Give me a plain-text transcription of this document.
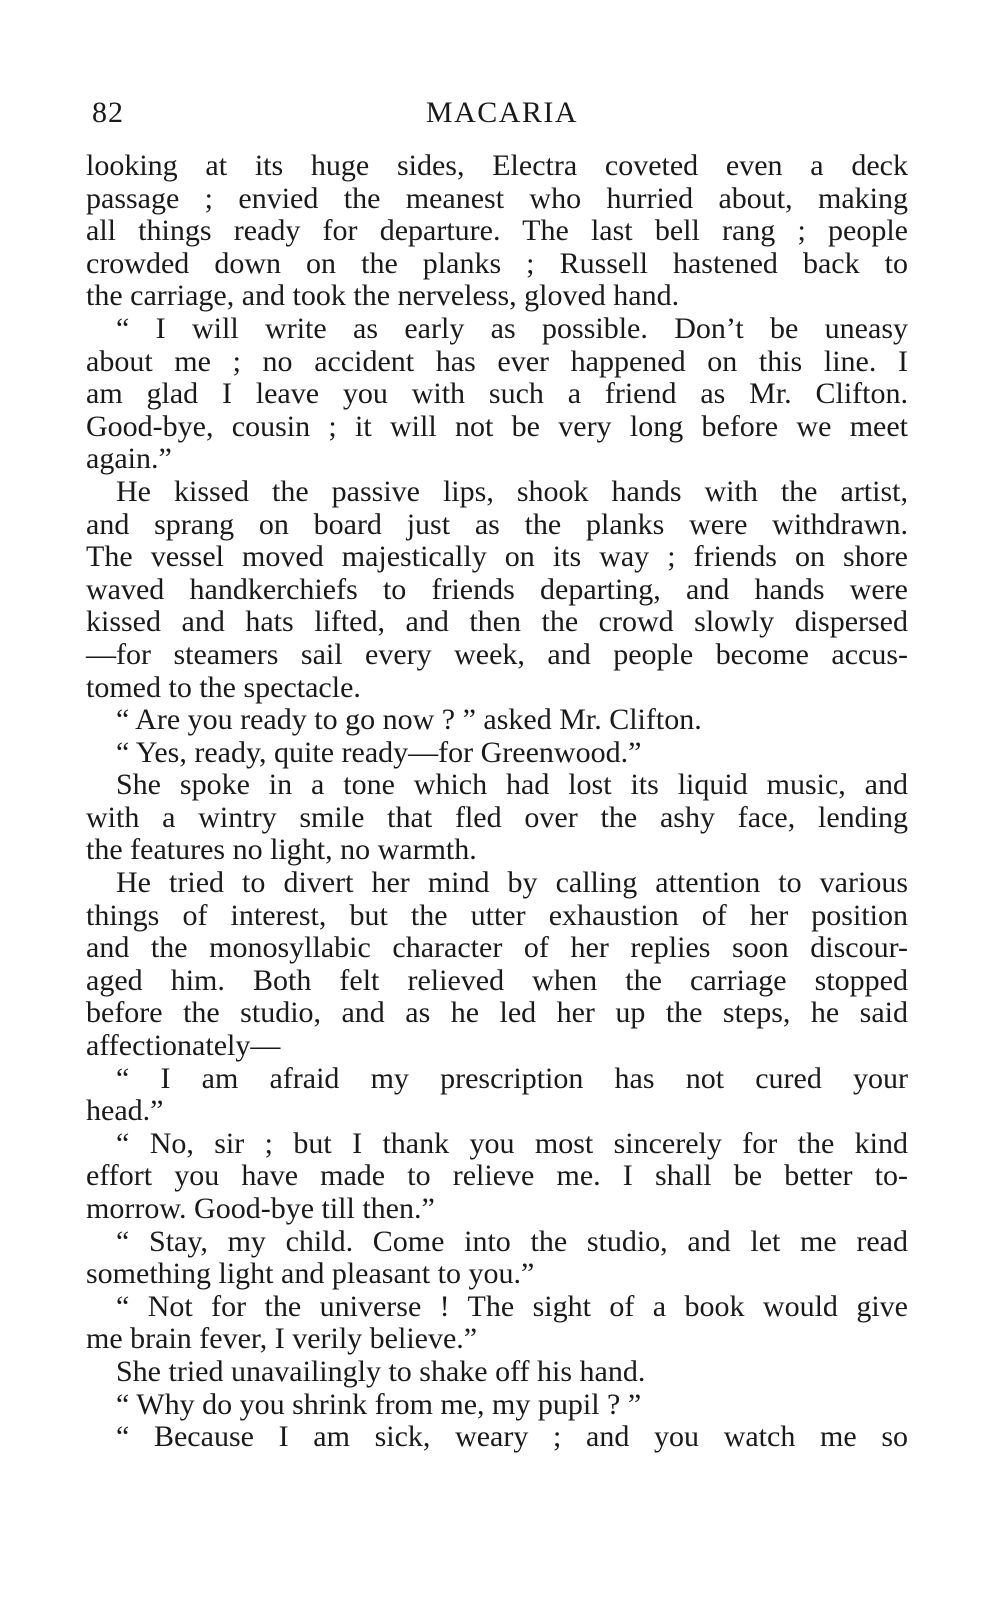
82	MACARIA
looking at its huge sides, Electra coveted even a deck
passage ; envied the meanest who hurried about, making
all things ready for departure. The last bell rang ; people
crowded down on the planks ; Russell hastened back to
the carriage, and took the nerveless, gloved hand.
“ I will write as early as possible. Don’t be uneasy
about me ; no accident has ever happened on this line. I
am glad I leave you with such a friend as Mr. Clifton.
Good-bye, cousin ; it will not be very long before we meet
again.”
He kissed the passive lips, shook hands with the artist,
and sprang on board just as the planks were withdrawn.
The vessel moved majestically on its way ; friends on shore
waved handkerchiefs to friends departing, and hands were
kissed and hats lifted, and then the crowd slowly dispersed
—for steamers sail every week, and people become accus-
tomed to the spectacle.
“ Are you ready to go now ? ” asked Mr. Clifton.
“ Yes, ready, quite ready—for Greenwood.”
She spoke in a tone which had lost its liquid music, and
with a wintry smile that fled over the ashy face, lending
the features no light, no warmth.
He tried to divert her mind by calling attention to various
things of interest, but the utter exhaustion of her position
and the monosyllabic character of her replies soon discour-
aged him. Both felt relieved when the carriage stopped
before the studio, and as he led her up the steps, he said
affectionately—
“ I am afraid my prescription has not cured your
head.”
“ No, sir ; but I thank you most sincerely for the kind
effort you have made to relieve me. I shall be better to-
morrow. Good-bye till then.”
“ Stay, my child. Come into the studio, and let me read
something light and pleasant to you.”
“ Not for the universe ! The sight of a book would give
me brain fever, I verily believe.”
She tried unavailingly to shake off his hand.
“ Why do you shrink from me, my pupil ? ”
“ Because I am sick, weary ; and you watch me so
